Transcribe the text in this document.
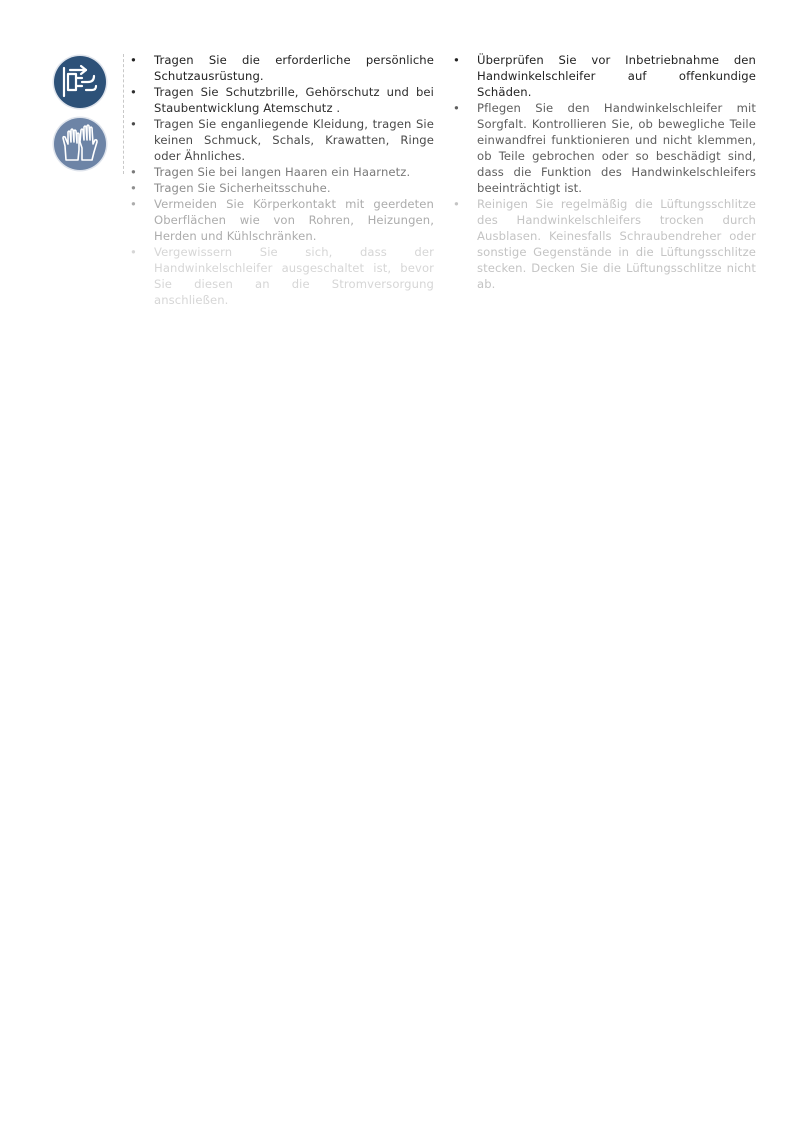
• Tragen Sie die erforderliche persönliche Schutzausrüstung.
• Tragen Sie Schutzbrille, Gehörschutz und bei Staubentwicklung Atemschutz .
• Tragen Sie enganliegende Kleidung, tragen Sie keinen Schmuck, Schals, Krawatten, Ringe oder Ähnliches.
• Tragen Sie bei langen Haaren ein Haarnetz.
• Tragen Sie Sicherheitsschuhe.
• Vermeiden Sie Körperkontakt mit geerdeten Oberflächen wie von Rohren, Heizungen, Herden und Kühlschränken.
• Vergewissern Sie sich, dass der Handwinkelschleifer ausgeschaltet ist, bevor Sie diesen an die Stromversorgung anschließen.
• Überprüfen Sie vor Inbetriebnahme den Handwinkelschleifer auf offenkundige Schäden.
• Pflegen Sie den Handwinkelschleifer mit Sorgfalt. Kontrollieren Sie, ob bewegliche Teile einwandfrei funktionieren und nicht klemmen, ob Teile gebrochen oder so beschädigt sind, dass die Funktion des Handwinkelschleifers beeinträchtigt ist.
• Reinigen Sie regelmäßig die Lüftungsschlitze des Handwinkelschleifers trocken durch Ausblasen. Keinesfalls Schraubendreher oder sonstige Gegenstände in die Lüftungsschlitze stecken. Decken Sie die Lüftungsschlitze nicht ab.
